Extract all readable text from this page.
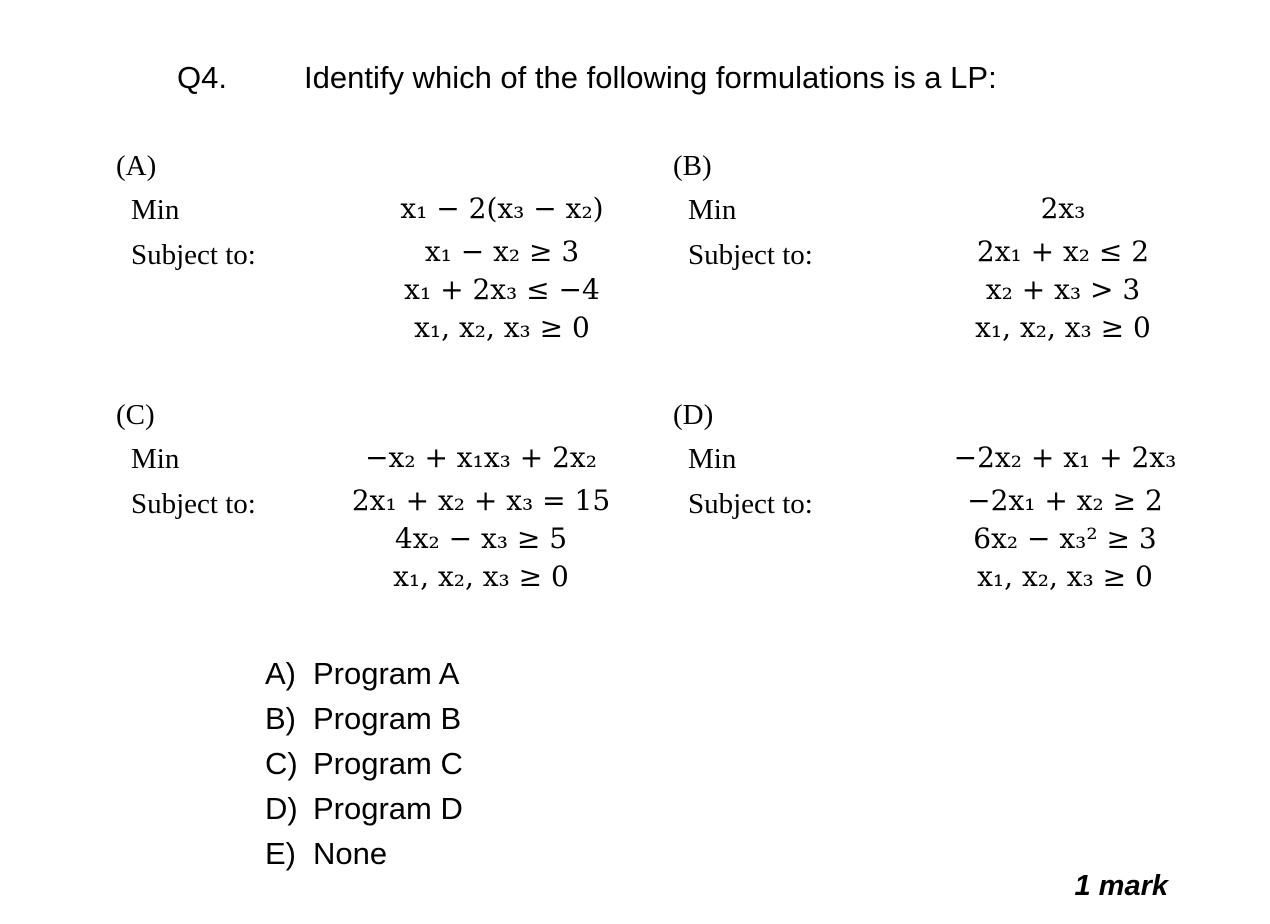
Q4. Identify which of the following formulations is a LP:
(A)
Min
Subject to:
x₁ − 2(x₃ − x₂)
x₁ − x₂ ≥ 3
x₁ + 2x₃ ≤ −4
x₁, x₂, x₃ ≥ 0
(B)
Min
Subject to:
2x₃
2x₁ + x₂ ≤ 2
x₂ + x₃ > 3
x₁, x₂, x₃ ≥ 0
(C)
Min
Subject to:
−x₂ + x₁x₃ + 2x₂
2x₁ + x₂ + x₃ = 15
4x₂ − x₃ ≥ 5
x₁, x₂, x₃ ≥ 0
(D)
Min
Subject to:
−2x₂ + x₁ + 2x₃
−2x₁ + x₂ ≥ 2
6x₂ − x₃² ≥ 3
x₁, x₂, x₃ ≥ 0
A) Program A
B) Program B
C) Program C
D) Program D
E) None
1 mark
